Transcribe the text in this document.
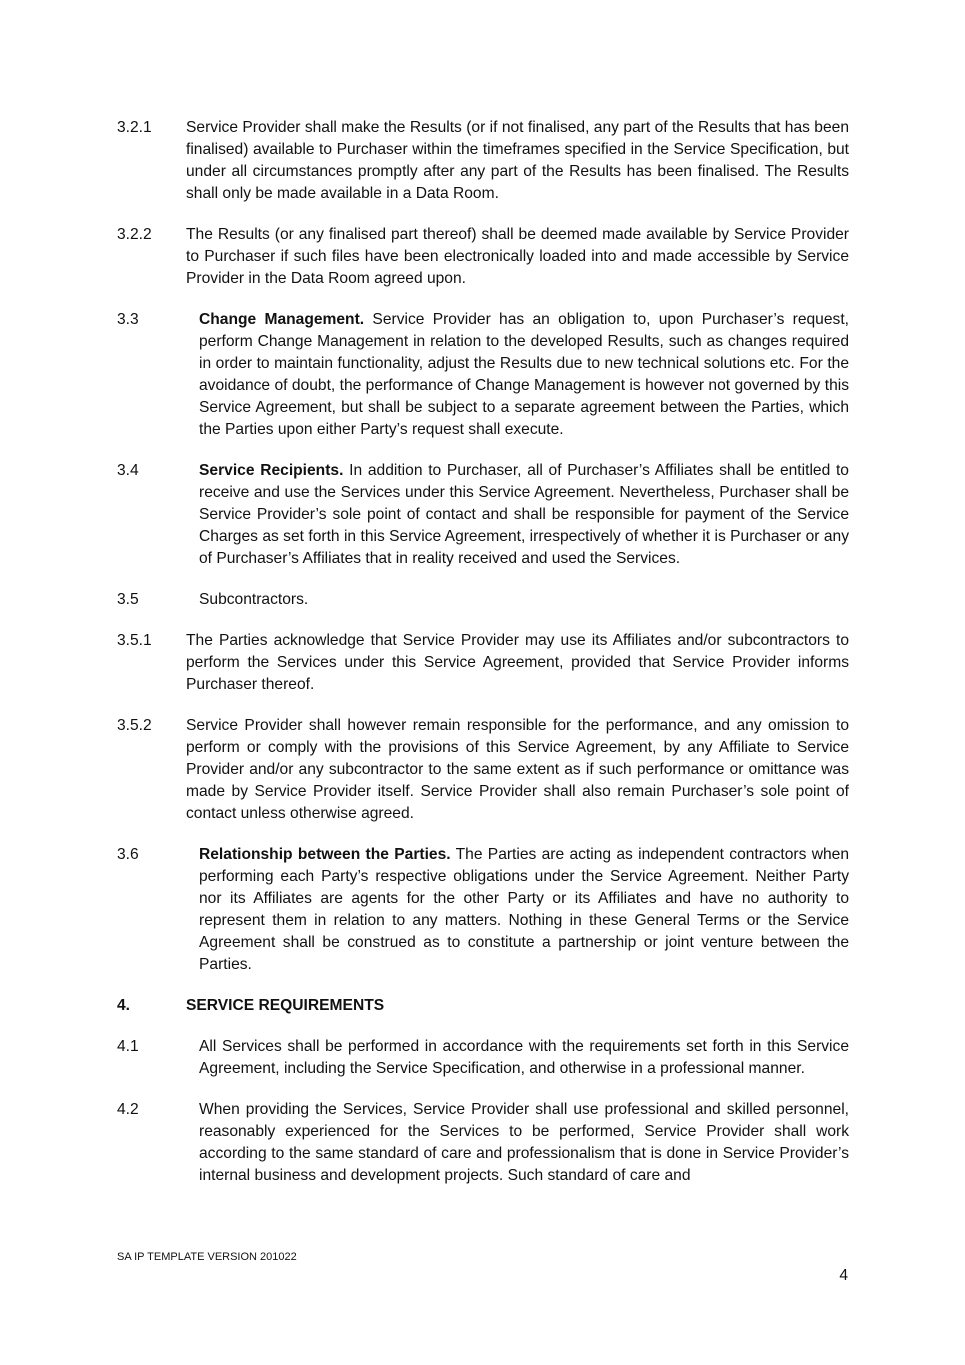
3.2.1 Service Provider shall make the Results (or if not finalised, any part of the Results that has been finalised) available to Purchaser within the timeframes specified in the Service Specification, but under all circumstances promptly after any part of the Results has been finalised. The Results shall only be made available in a Data Room.
3.2.2 The Results (or any finalised part thereof) shall be deemed made available by Service Provider to Purchaser if such files have been electronically loaded into and made accessible by Service Provider in the Data Room agreed upon.
3.3	Change Management. Service Provider has an obligation to, upon Purchaser’s request, perform Change Management in relation to the developed Results, such as changes required in order to maintain functionality, adjust the Results due to new technical solutions etc. For the avoidance of doubt, the performance of Change Management is however not governed by this Service Agreement, but shall be subject to a separate agreement between the Parties, which the Parties upon either Party’s request shall execute.
3.4	Service Recipients. In addition to Purchaser, all of Purchaser’s Affiliates shall be entitled to receive and use the Services under this Service Agreement. Nevertheless, Purchaser shall be Service Provider’s sole point of contact and shall be responsible for payment of the Service Charges as set forth in this Service Agreement, irrespectively of whether it is Purchaser or any of Purchaser’s Affiliates that in reality received and used the Services.
3.5	Subcontractors.
3.5.1 The Parties acknowledge that Service Provider may use its Affiliates and/or subcontractors to perform the Services under this Service Agreement, provided that Service Provider informs Purchaser thereof.
3.5.2 Service Provider shall however remain responsible for the performance, and any omission to perform or comply with the provisions of this Service Agreement, by any Affiliate to Service Provider and/or any subcontractor to the same extent as if such performance or omittance was made by Service Provider itself. Service Provider shall also remain Purchaser’s sole point of contact unless otherwise agreed.
3.6	Relationship between the Parties. The Parties are acting as independent contractors when performing each Party’s respective obligations under the Service Agreement. Neither Party nor its Affiliates are agents for the other Party or its Affiliates and have no authority to represent them in relation to any matters. Nothing in these General Terms or the Service Agreement shall be construed as to constitute a partnership or joint venture between the Parties.
4.	SERVICE REQUIREMENTS
4.1	All Services shall be performed in accordance with the requirements set forth in this Service Agreement, including the Service Specification, and otherwise in a professional manner.
4.2	When providing the Services, Service Provider shall use professional and skilled personnel, reasonably experienced for the Services to be performed, Service Provider shall work according to the same standard of care and professionalism that is done in Service Provider’s internal business and development projects. Such standard of care and
SA IP TEMPLATE VERSION 201022
4
